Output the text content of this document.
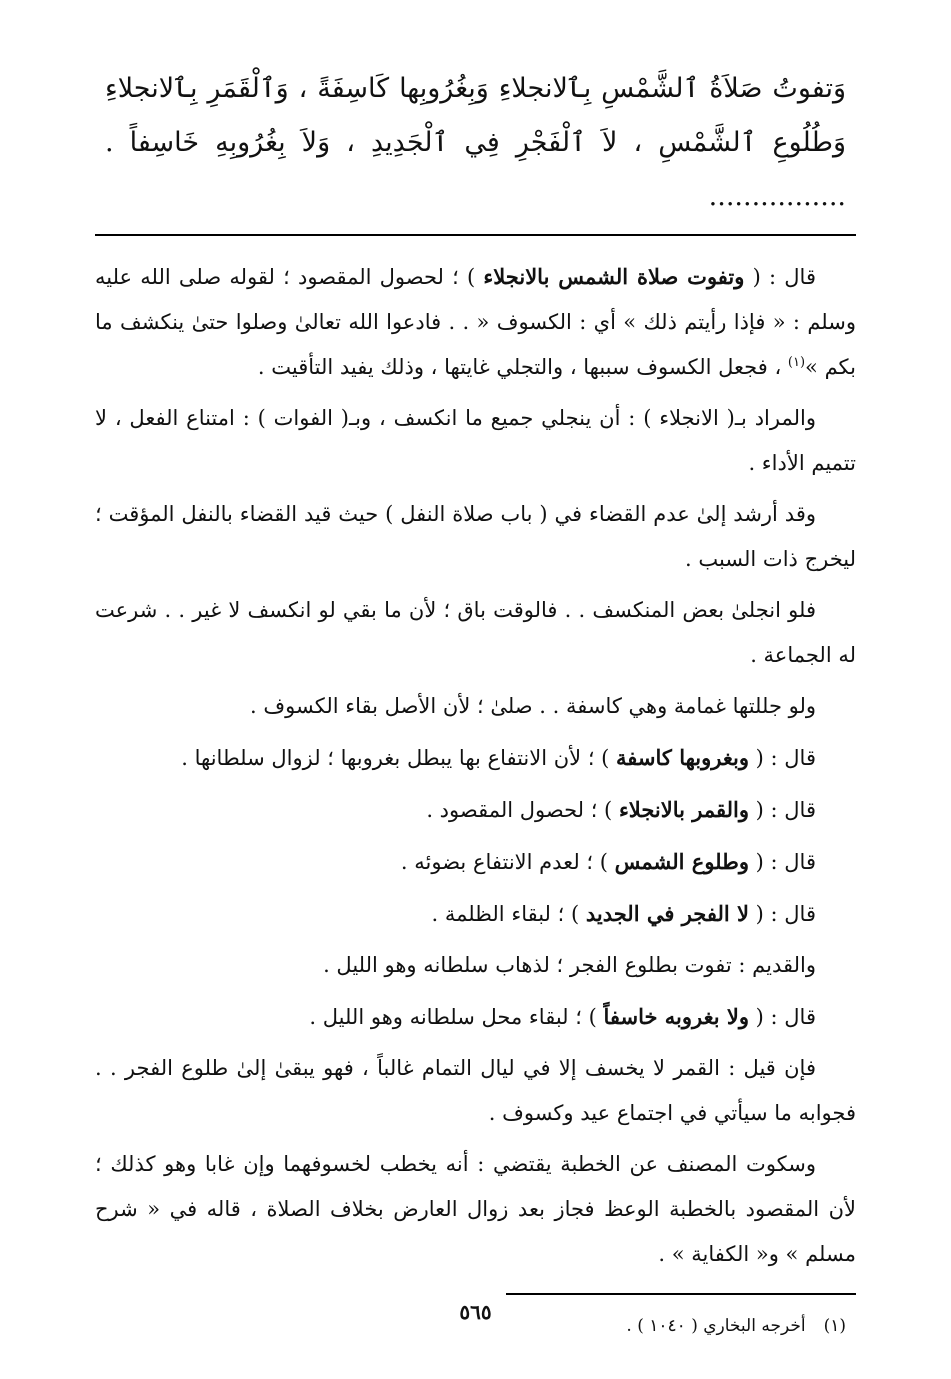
وَتفوتُ صَلاَةُ ٱلشَّمْسِ بِٱلانجلاءِ وَبِغُرُوبِها كَاسِفَةً ، وَٱلْقَمَرِ بِٱلانجلاءِ وَطُلُوعِ ٱلشَّمْسِ ، لاَ ٱلْفَجْرِ فِي ٱلْجَدِيدِ ، وَلاَ بِغُرُوبِهِ خَاسِفاً . ................

قال : ( وتفوت صلاة الشمس بالانجلاء ) ؛ لحصول المقصود ؛ لقوله صلى الله عليه وسلم : « فإذا رأيتم ذلك » أي : الكسوف « . . فادعوا الله تعالىٰ وصلوا حتىٰ ينكشف ما بكم »$^{(١)}$ ، فجعل الكسوف سببها ، والتجلي غايتها ، وذلك يفيد التأقيت .

والمراد بـ( الانجلاء ) : أن ينجلي جميع ما انكسف ، وبـ( الفوات ) : امتناع الفعل ، لا تتميم الأداء .

وقد أرشد إلىٰ عدم القضاء في ( باب صلاة النفل ) حيث قيد القضاء بالنفل المؤقت ؛ ليخرج ذات السبب .

فلو انجلىٰ بعض المنكسف . . فالوقت باق ؛ لأن ما بقي لو انكسف لا غير . . شرعت له الجماعة .

ولو جللتها غمامة وهي كاسفة . . صلىٰ ؛ لأن الأصل بقاء الكسوف .

قال : ( وبغروبها كاسفة ) ؛ لأن الانتفاع بها يبطل بغروبها ؛ لزوال سلطانها .

قال : ( والقمر بالانجلاء ) ؛ لحصول المقصود .

قال : ( وطلوع الشمس ) ؛ لعدم الانتفاع بضوئه .

قال : ( لا الفجر في الجديد ) ؛ لبقاء الظلمة .

والقديم : تفوت بطلوع الفجر ؛ لذهاب سلطانه وهو الليل .

قال : ( ولا بغروبه خاسفاً ) ؛ لبقاء محل سلطانه وهو الليل .

فإن قيل : القمر لا يخسف إلا في ليال التمام غالباً ، فهو يبقىٰ إلىٰ طلوع الفجر . . فجوابه ما سيأتي في اجتماع عيد وكسوف .

وسكوت المصنف عن الخطبة يقتضي : أنه يخطب لخسوفهما وإن غابا وهو كذلك ؛ لأن المقصود بالخطبة الوعظ فجاز بعد زوال العارض بخلاف الصلاة ، قاله في « شرح مسلم » و« الكفاية » .

(١)أخرجه البخاري ( ١٠٤٠ ) .
٥٦٥
